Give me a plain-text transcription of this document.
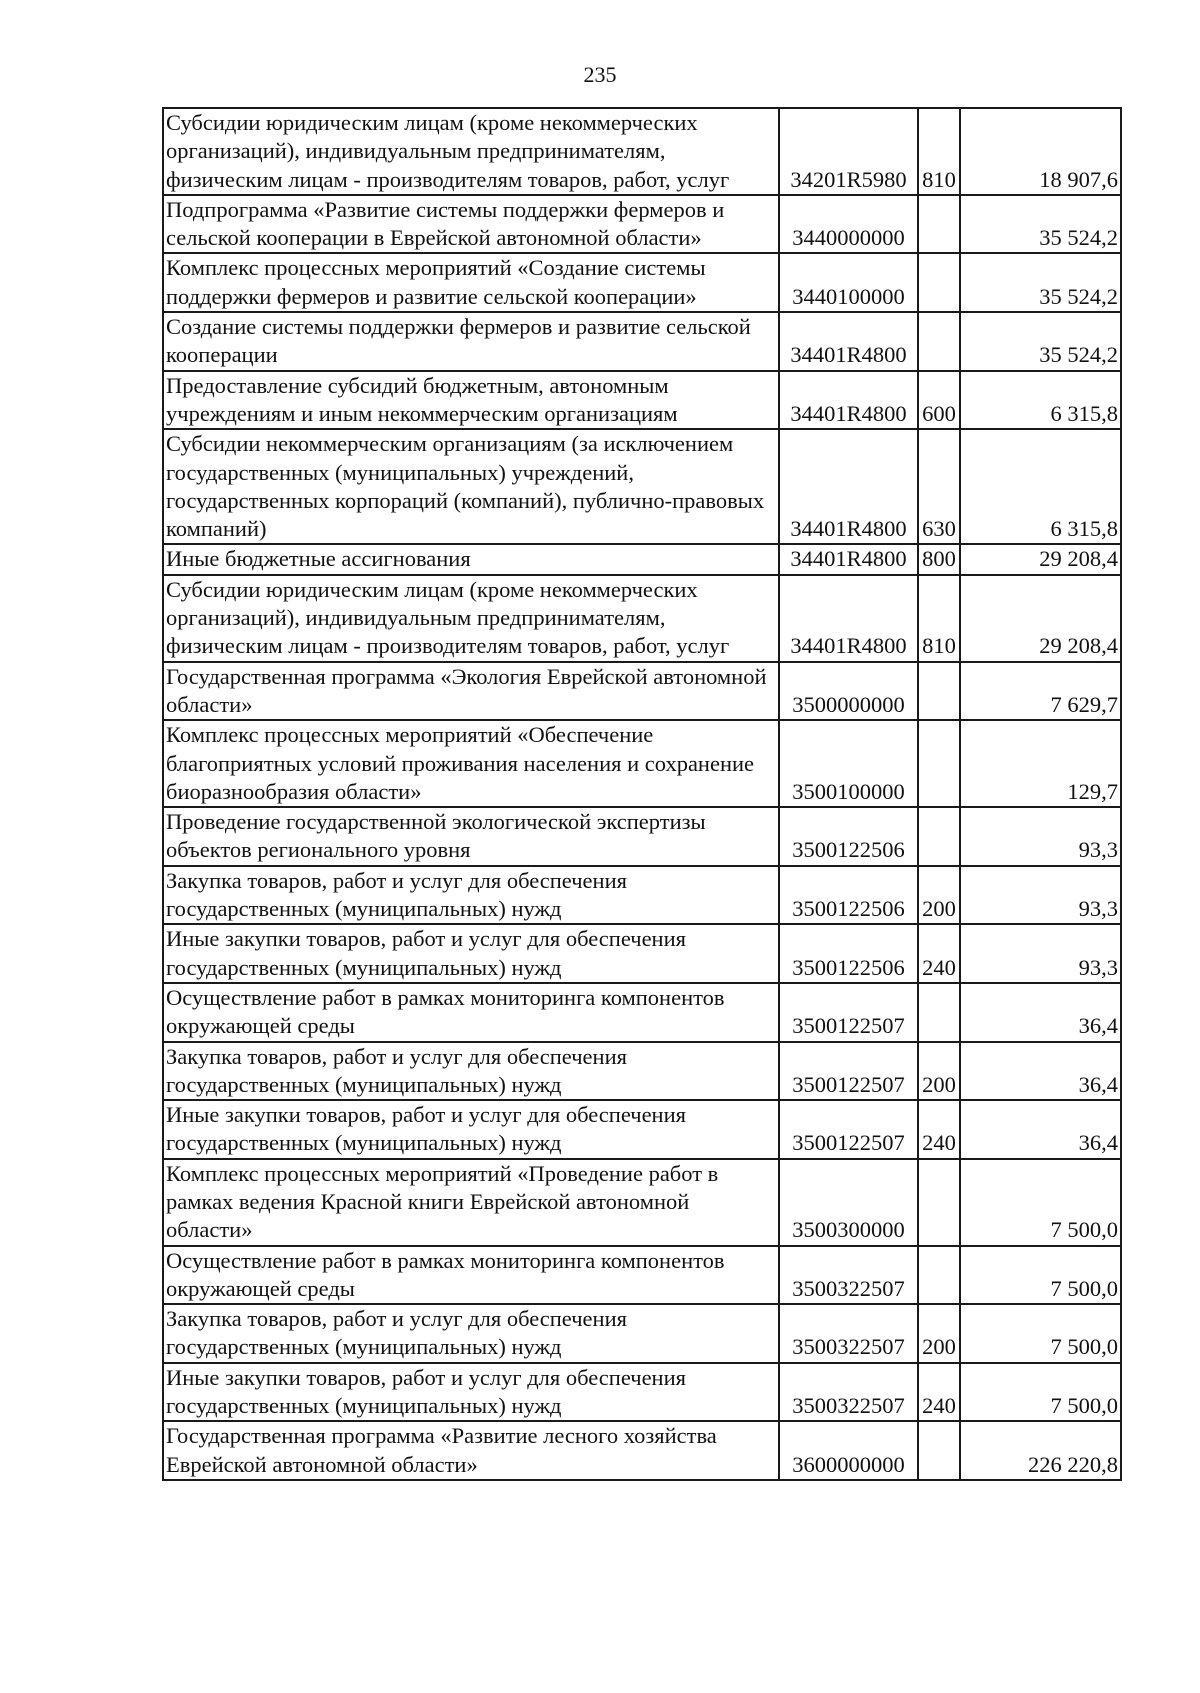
235
Субсидии юридическим лицам (кроме некоммерческих организаций), индивидуальным предпринимателям, физическим лицам - производителям товаров, работ, услуг	34201R5980	810	18 907,6
Подпрограмма «Развитие системы поддержки фермеров и сельской кооперации в Еврейской автономной области»	3440000000		35 524,2
Комплекс процессных мероприятий «Создание системы поддержки фермеров и развитие сельской кооперации»	3440100000		35 524,2
Создание системы поддержки фермеров и развитие сельской кооперации	34401R4800		35 524,2
Предоставление субсидий бюджетным, автономным учреждениям и иным некоммерческим организациям	34401R4800	600	6 315,8
Субсидии некоммерческим организациям (за исключением государственных (муниципальных) учреждений, государственных корпораций (компаний), публично-правовых компаний)	34401R4800	630	6 315,8
Иные бюджетные ассигнования	34401R4800	800	29 208,4
Субсидии юридическим лицам (кроме некоммерческих организаций), индивидуальным предпринимателям, физическим лицам - производителям товаров, работ, услуг	34401R4800	810	29 208,4
Государственная программа «Экология Еврейской автономной области»	3500000000		7 629,7
Комплекс процессных мероприятий «Обеспечение благоприятных условий проживания населения и сохранение биоразнообразия области»	3500100000		129,7
Проведение государственной экологической экспертизы объектов регионального уровня	3500122506		93,3
Закупка товаров, работ и услуг для обеспечения государственных (муниципальных) нужд	3500122506	200	93,3
Иные закупки товаров, работ и услуг для обеспечения государственных (муниципальных) нужд	3500122506	240	93,3
Осуществление работ в рамках мониторинга компонентов окружающей среды	3500122507		36,4
Закупка товаров, работ и услуг для обеспечения государственных (муниципальных) нужд	3500122507	200	36,4
Иные закупки товаров, работ и услуг для обеспечения государственных (муниципальных) нужд	3500122507	240	36,4
Комплекс процессных мероприятий «Проведение работ в рамках ведения Красной книги Еврейской автономной области»	3500300000		7 500,0
Осуществление работ в рамках мониторинга компонентов окружающей среды	3500322507		7 500,0
Закупка товаров, работ и услуг для обеспечения государственных (муниципальных) нужд	3500322507	200	7 500,0
Иные закупки товаров, работ и услуг для обеспечения государственных (муниципальных) нужд	3500322507	240	7 500,0
Государственная программа «Развитие лесного хозяйства Еврейской автономной области»	3600000000		226 220,8
